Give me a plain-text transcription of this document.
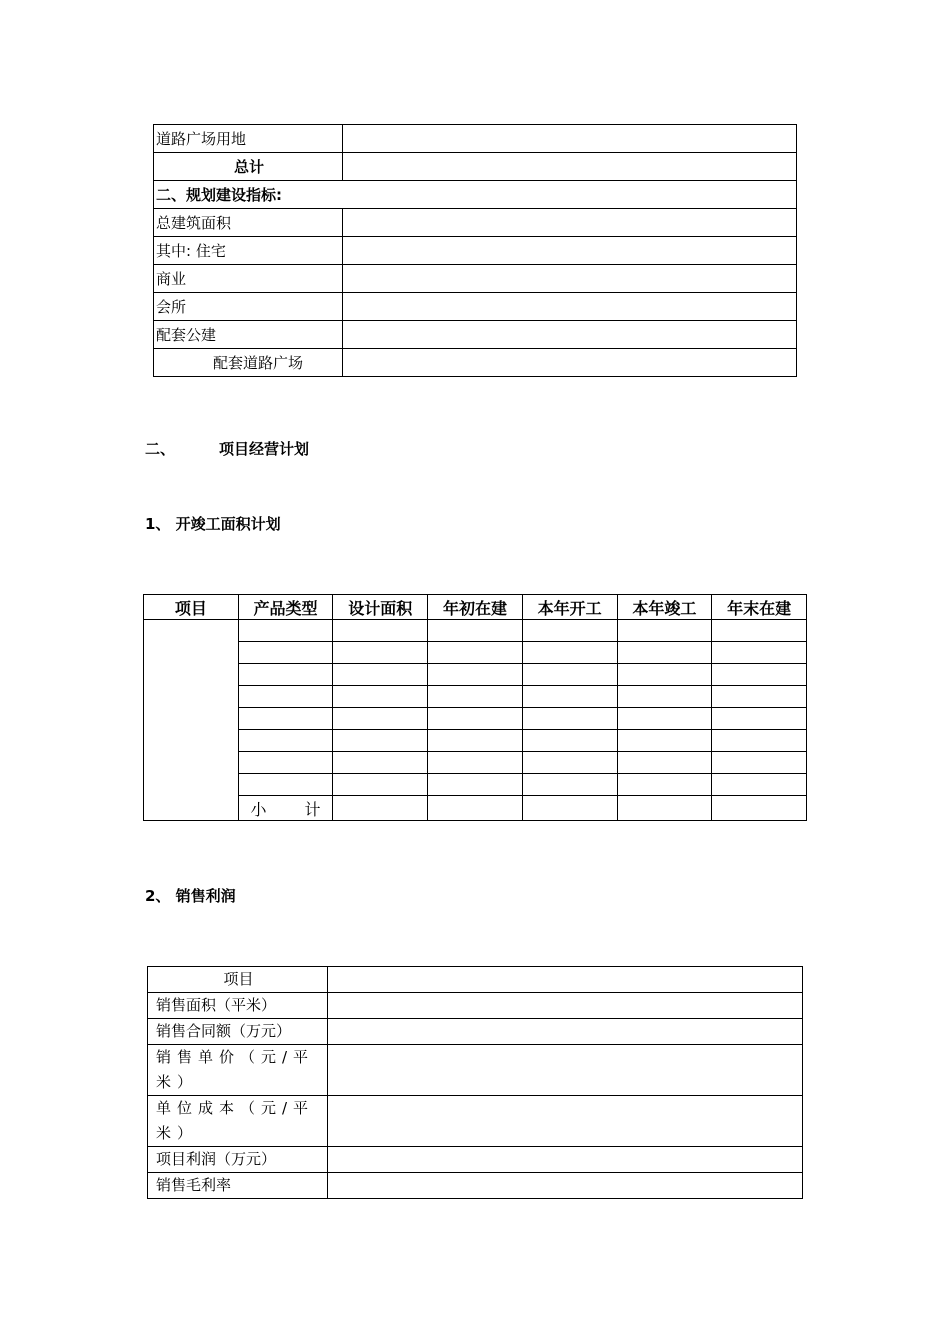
道路广场用地	
总计	
二、规划建设指标:	
总建筑面积	
其中: 住宅	
商业	
会所	
配套公建	
配套道路广场	
二、	项目经营计划
1、 开竣工面积计划
项目	产品类型	设计面积	年初在建	本年开工	本年竣工	年末在建

	小 计					
2、 销售利润
项目	
销售面积（平米）	
销售合同额（万元）	
销售单价（元/平米）	
单位成本（元/平米）	
项目利润（万元）	
销售毛利率	
